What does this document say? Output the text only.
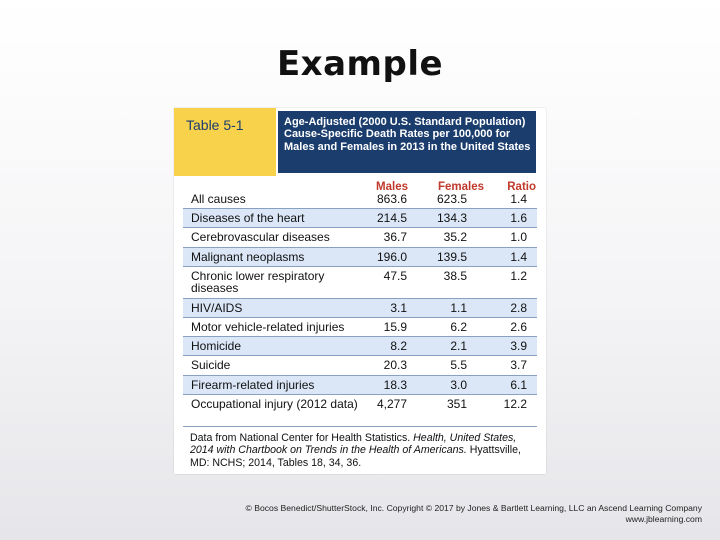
Example
Table 5-1	Age-Adjusted (2000 U.S. Standard Population) Cause-Specific Death Rates per 100,000 for Males and Females in 2013 in the United States
Males	Females	Ratio
All causes	863.6	623.5	1.4
Diseases of the heart	214.5	134.3	1.6
Cerebrovascular diseases	36.7	35.2	1.0
Malignant neoplasms	196.0	139.5	1.4
Chronic lower respiratory diseases
47.5	38.5	1.2
HIV/AIDS	3.1	1.1	2.8
Motor vehicle-related injuries	15.9	6.2	2.6
Homicide	8.2	2.1	3.9
Suicide	20.3	5.5	3.7
Firearm-related injuries	18.3	3.0	6.1
Occupational injury (2012 data)	4,277	351	12.2
Data from National Center for Health Statistics. Health, United States, 2014 with Chartbook on Trends in the Health of Americans. Hyattsville, MD: NCHS; 2014, Tables 18, 34, 36.
© Bocos Benedict/ShutterStock, Inc. Copyright © 2017 by Jones & Bartlett Learning, LLC an Ascend Learning Company
www.jblearning.com
